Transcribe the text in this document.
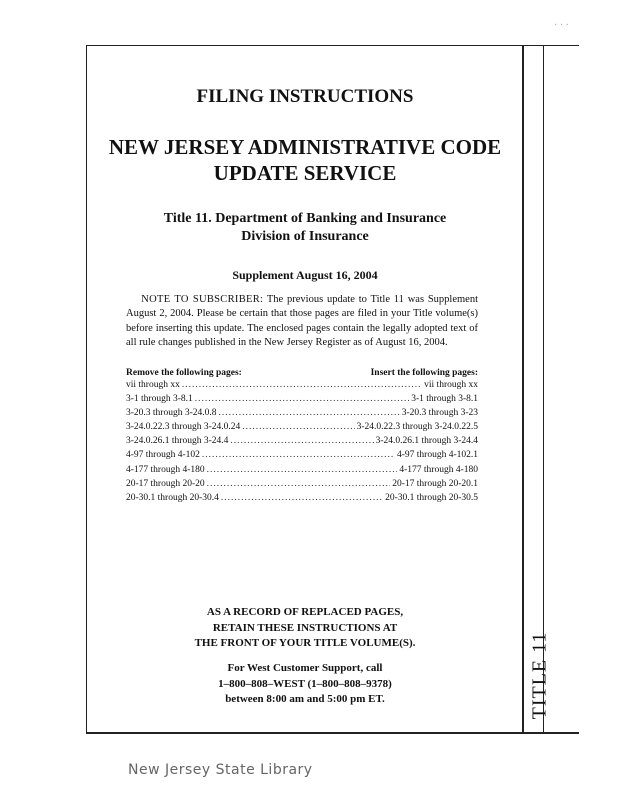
· · ·
TITLE 11
FILING INSTRUCTIONS
NEW JERSEY ADMINISTRATIVE CODE
UPDATE SERVICE
Title 11. Department of Banking and Insurance
Division of Insurance
Supplement August 16, 2004
NOTE TO SUBSCRIBER: The previous update to Title 11 was Supplement August 2, 2004. Please be certain that those pages are filed in your Title volume(s) before inserting this update. The enclosed pages contain the legally adopted text of all rule changes published in the New Jersey Register as of August 16, 2004.
Remove the following pages:	Insert the following pages:
vii through xx .....	vii through xx
3-1 through 3-8.1 .....	3-1 through 3-8.1
3-20.3 through 3-24.0.8 .....	3-20.3 through 3-23
3-24.0.22.3 through 3-24.0.24 .....	3-24.0.22.3 through 3-24.0.22.5
3-24.0.26.1 through 3-24.4 .....	3-24.0.26.1 through 3-24.4
4-97 through 4-102 .....	4-97 through 4-102.1
4-177 through 4-180 .....	4-177 through 4-180
20-17 through 20-20 .....	20-17 through 20-20.1
20-30.1 through 20-30.4 .....	20-30.1 through 20-30.5
AS A RECORD OF REPLACED PAGES,
RETAIN THESE INSTRUCTIONS AT
THE FRONT OF YOUR TITLE VOLUME(S).
For West Customer Support, call
1–800–808–WEST (1–800–808–9378)
between 8:00 am and 5:00 pm ET.
New Jersey State Library
